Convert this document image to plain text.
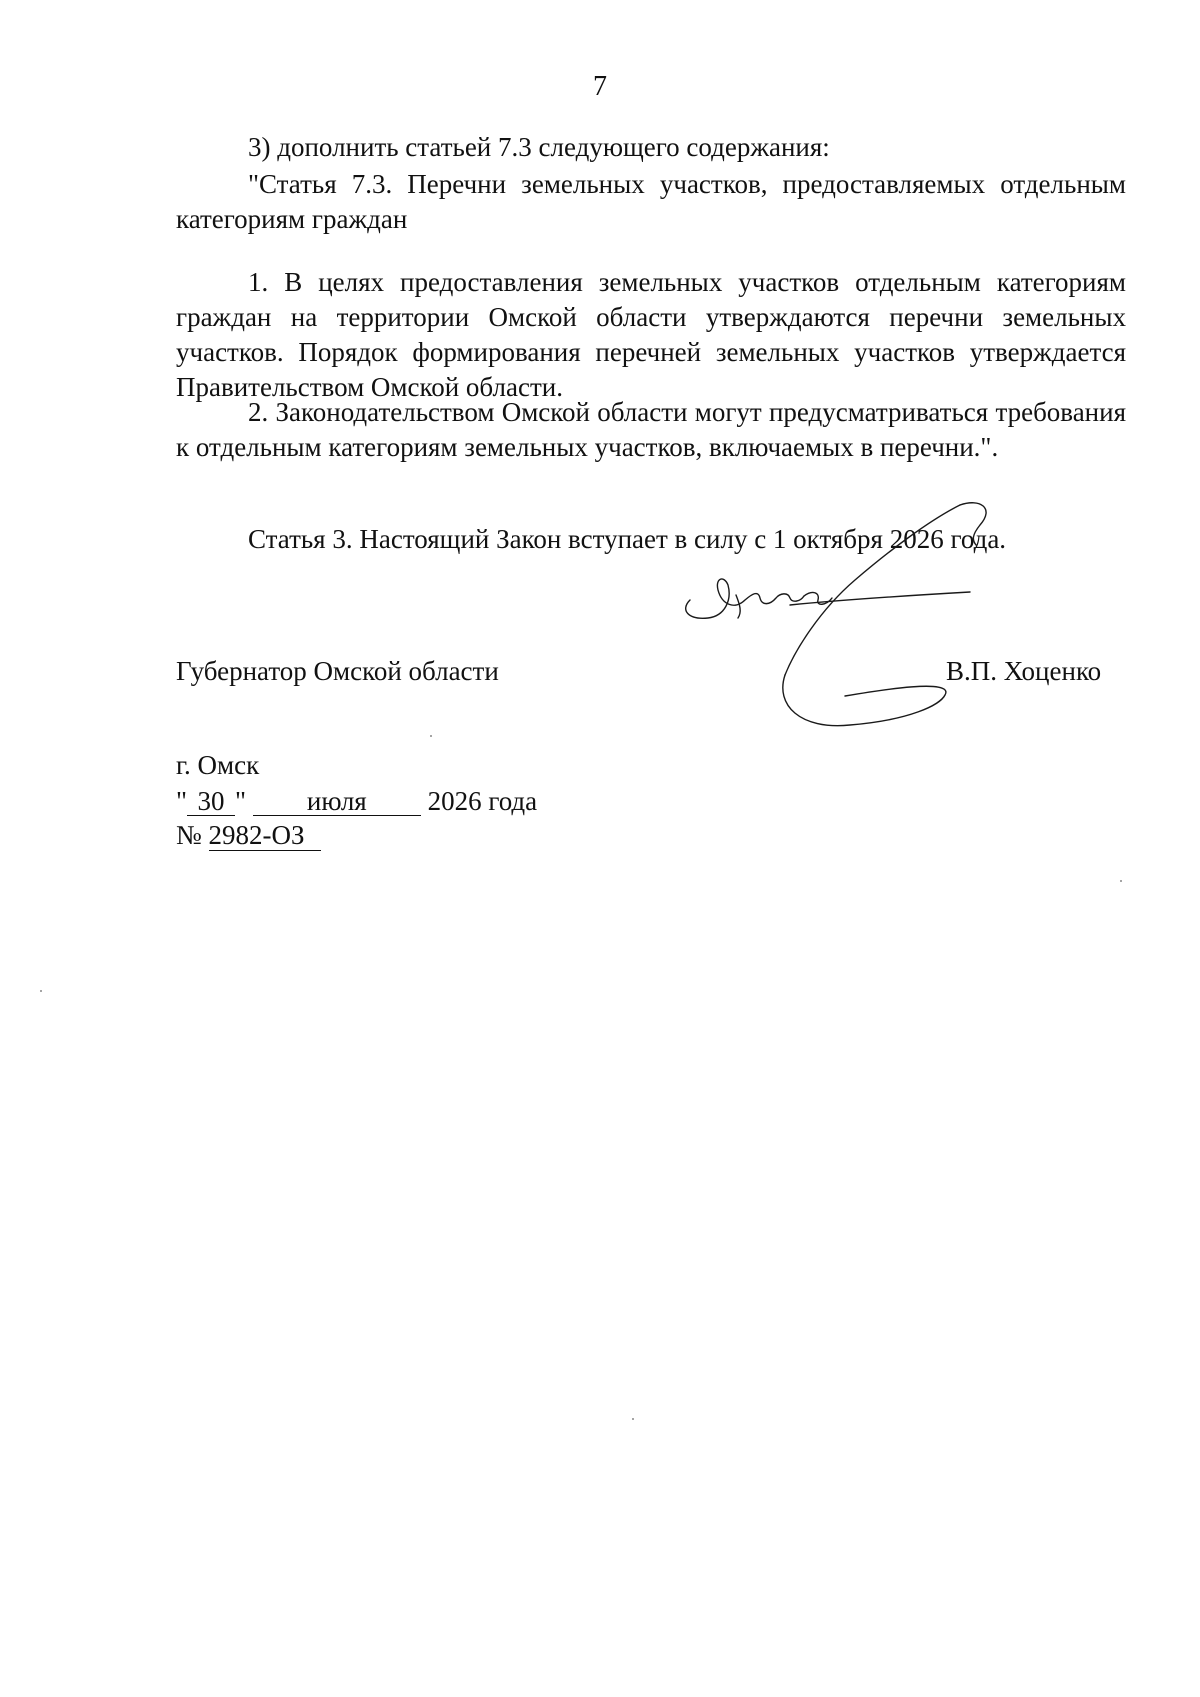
7

3) дополнить статьей 7.3 следующего содержания:

"Статья 7.3. Перечни земельных участков, предоставляемых отдельным категориям граждан

1. В целях предоставления земельных участков отдельным категориям граждан на территории Омской области утверждаются перечни земельных участков. Порядок формирования перечней земельных участков утверждается Правительством Омской области.

2. Законодательством Омской области могут предусматриваться требования к отдельным категориям земельных участков, включаемых в перечни.".

Статья 3. Настоящий Закон вступает в силу с 1 октября 2026 года.

Губернатор Омской области	В.П. Хоценко
г. Омск
" 30 " июля 2026 года
№ 2982-ОЗ
